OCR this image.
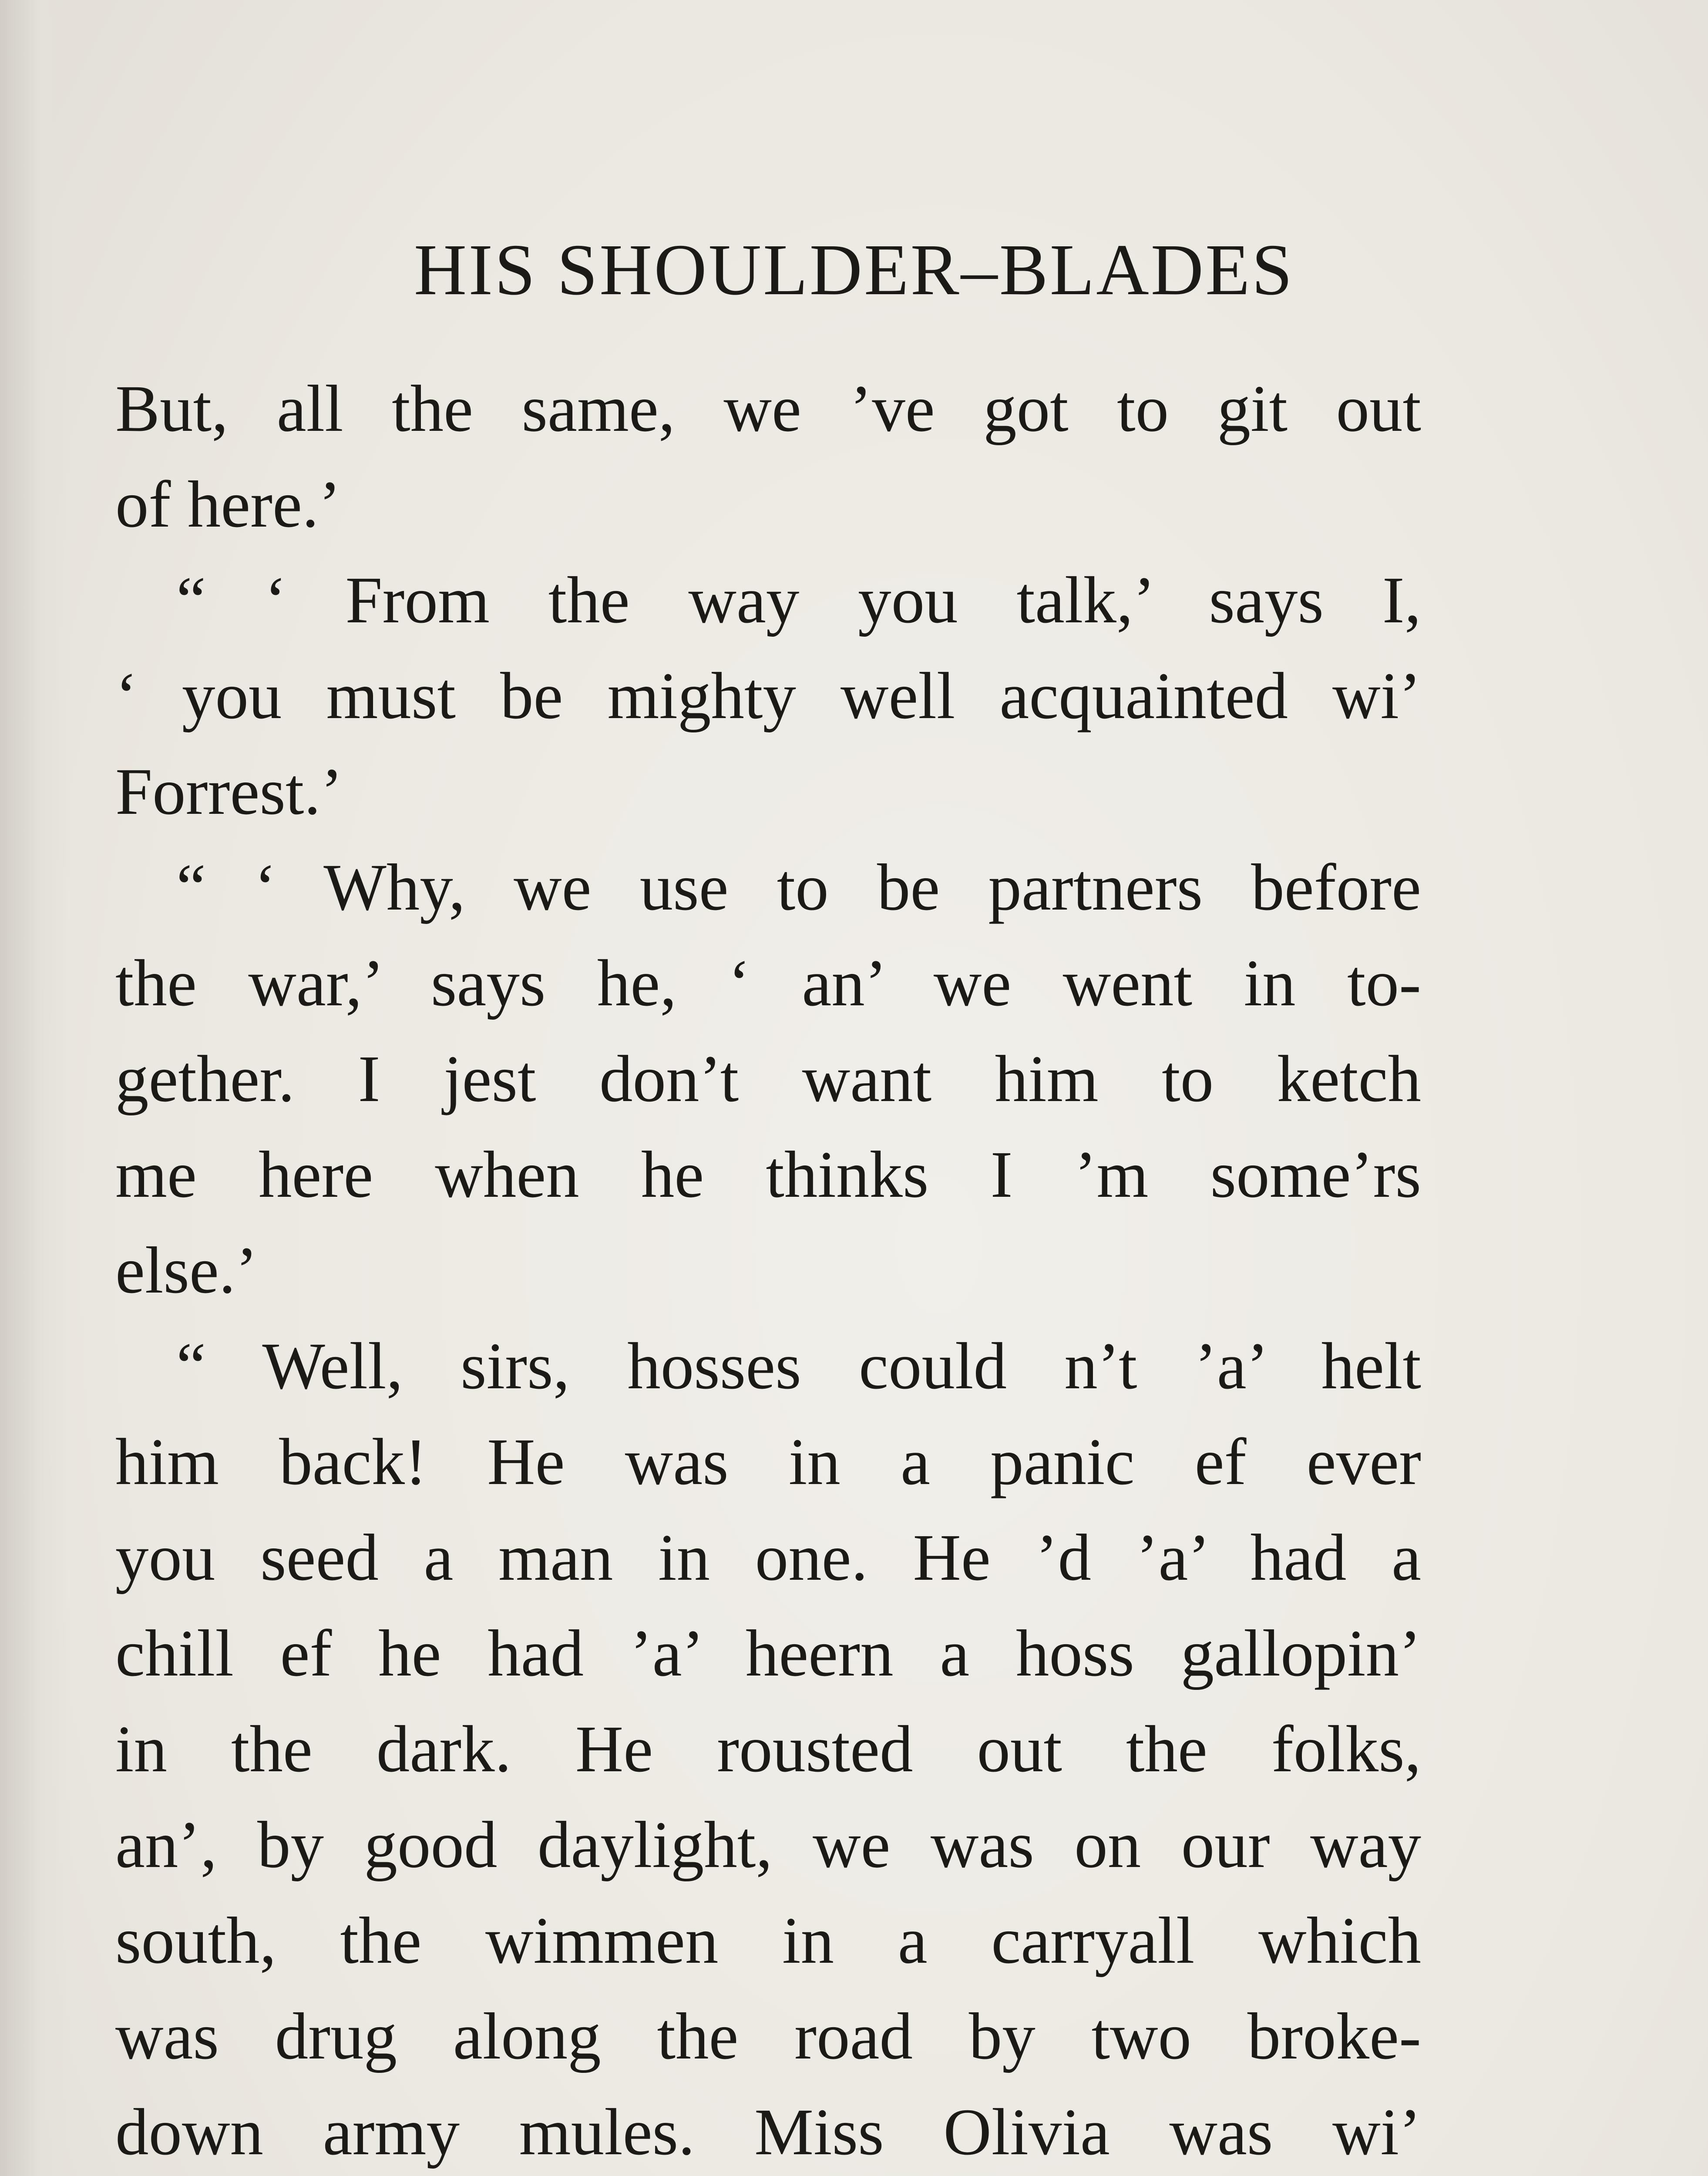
HIS SHOULDER–BLADES
But, all the same, we ’ve got to git out
of here.’
“ ‘ From the way you talk,’ says I,
‘ you must be mighty well acquainted wi’
Forrest.’
“ ‘ Why, we use to be partners before
the war,’ says he, ‘ an’ we went in to-
gether. I jest don’t want him to ketch
me here when he thinks I ’m some’rs
else.’
“ Well, sirs, hosses could n’t ’a’ helt
him back! He was in a panic ef ever
you seed a man in one. He ’d ’a’ had a
chill ef he had ’a’ heern a hoss gallopin’
in the dark. He rousted out the folks,
an’, by good daylight, we was on our way
south, the wimmen in a carryall which
was drug along the road by two broke-
down army mules. Miss Olivia was wi’
